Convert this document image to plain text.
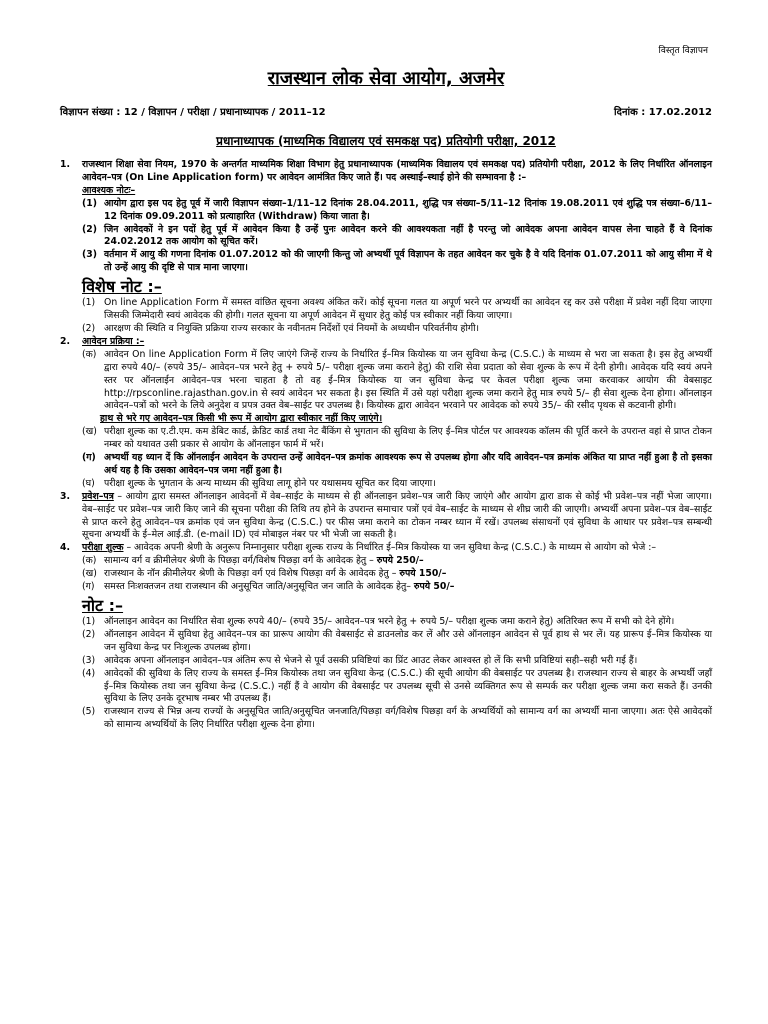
विस्तृत विज्ञापन
राजस्थान लोक सेवा आयोग, अजमेर
विज्ञापन संख्या : 12 / विज्ञापन / परीक्षा / प्रधानाध्यापक / 2011–12	दिनांक : 17.02.2012
प्रधानाध्यापक (माध्यमिक विद्यालय एवं समकक्ष पद) प्रतियोगी परीक्षा, 2012
1.	राजस्थान शिक्षा सेवा नियम, 1970 के अन्तर्गत माध्यमिक शिक्षा विभाग हेतु प्रधानाध्यापक (माध्यमिक विद्यालय एवं समकक्ष पद) प्रतियोगी परीक्षा, 2012 के लिए निर्धारित ऑनलाइन आवेदन–पत्र (On Line Application form) पर आवेदन आमंत्रित किए जाते हैं। पद अस्थाई–स्थाई होने की सम्भावना है :–
आवश्यक नोटः–
(1) आयोग द्वारा इस पद हेतु पूर्व में जारी विज्ञापन संख्या–1/11–12 दिनांक 28.04.2011, शुद्धि पत्र संख्या–5/11–12 दिनांक 19.08.2011 एवं शुद्धि पत्र संख्या–6/11–12 दिनांक 09.09.2011 को प्रत्याहारित (Withdraw) किया जाता है।
(2) जिन आवेदकों ने इन पदों हेतु पूर्व में आवेदन किया है उन्हें पुनः आवेदन करने की आवश्यकता नहीं है परन्तु जो आवेदक अपना आवेदन वापस लेना चाहते हैं वे दिनांक 24.02.2012 तक आयोग को सूचित करें।
(3) वर्तमान में आयु की गणना दिनांक 01.07.2012 को की जाएगी किन्तु जो अभ्यर्थी पूर्व विज्ञापन के तहत आवेदन कर चुके है वे यदि दिनांक 01.07.2011 को आयु सीमा में थे तो उन्हें आयु की दृष्टि से पात्र माना जाएगा।
विशेष नोट :–
(1) On line Application Form में समस्त वांछित सूचना अवश्य अंकित करें। कोई सूचना गलत या अपूर्ण भरने पर अभ्यर्थी का आवेदन रद्द कर उसे परीक्षा में प्रवेश नहीं दिया जाएगा जिसकी जिम्मेदारी स्वयं आवेदक की होगी। गलत सूचना या अपूर्ण आवेदन में सुधार हेतु कोई पत्र स्वीकार नहीं किया जाएगा।
(2) आरक्षण की स्थिति व नियुक्ति प्रक्रिया राज्य सरकार के नवीनतम निर्देशों एवं नियमों के अध्यधीन परिवर्तनीय होगी।
2.	आवेदन प्रक्रिया :–
(क) आवेदन On line Application Form में लिए जाएंगे जिन्हें राज्य के निर्धारित ई–मित्र कियोस्क या जन सुविधा केन्द्र (C.S.C.) के माध्यम से भरा जा सकता है। इस हेतु अभ्यर्थी द्वारा रुपये 40/– (रुपये 35/– आवेदन–पत्र भरने हेतु + रुपये 5/– परीक्षा शुल्क जमा कराने हेतु) की राशि सेवा प्रदाता को सेवा शुल्क के रूप में देनी होगी। आवेदक यदि स्वयं अपने स्तर पर ऑनलाईन आवेदन–पत्र भरना चाहता है तो वह ई–मित्र कियोस्क या जन सुविधा केन्द्र पर केवल परीक्षा शुल्क जमा करवाकर आयोग की वेबसाइट http://rpsconline.rajasthan.gov.in से स्वयं आवेदन भर सकता है। इस स्थिति में उसे यहां परीक्षा शुल्क जमा कराने हेतु मात्र रुपये 5/– ही सेवा शुल्क देना होगा। ऑनलाइन आवेदन–पत्रों को भरने के लिये अनुदेश व प्रपत्र उक्त वेब–साईट पर उपलब्ध है। कियोस्क द्वारा आवेदन भरवाने पर आवेदक को रुपये 35/– की रसीद पृथक से कटवानी होगी।
हाथ से भरे गए आवेदन–पत्र किसी भी रूप में आयोग द्वारा स्वीकार नहीं किए जाएंगे।
(ख) परीक्षा शुल्क का ए.टी.एम. कम डेबिट कार्ड, क्रेडिट कार्ड तथा नेट बैंकिंग से भुगतान की सुविधा के लिए ई–मित्र पोर्टल पर आवश्यक कॉलम की पूर्ति करने के उपरान्त वहां से प्राप्त टोकन नम्बर को यथावत उसी प्रकार से आयोग के ऑनलाइन फार्म में भरें।
(ग) अभ्यर्थी यह ध्यान दें कि ऑनलाईन आवेदन के उपरान्त उन्हें आवेदन–पत्र क्रमांक आवश्यक रूप से उपलब्ध होगा और यदि आवेदन–पत्र क्रमांक अंकित या प्राप्त नहीं हुआ है तो इसका अर्थ यह है कि उसका आवेदन–पत्र जमा नहीं हुआ है।
(घ) परीक्षा शुल्क के भुगतान के अन्य माध्यम की सुविधा लागू होने पर यथासमय सूचित कर दिया जाएगा।
3.	प्रवेश–पत्र – आयोग द्वारा समस्त ऑनलाइन आवेदनों में वेब–साईट के माध्यम से ही ऑनलाइन प्रवेश–पत्र जारी किए जाएंगे और आयोग द्वारा डाक से कोई भी प्रवेश–पत्र नहीं भेजा जाएगा। वेब–साईट पर प्रवेश–पत्र जारी किए जाने की सूचना परीक्षा की तिथि तय होने के उपरान्त समाचार पत्रों एवं वेब–साईट के माध्यम से शीघ्र जारी की जाएगी। अभ्यर्थी अपना प्रवेश–पत्र वेब–साईट से प्राप्त करने हेतु आवेदन–पत्र क्रमांक एवं जन सुविधा केन्द्र (C.S.C.) पर फीस जमा कराने का टोकन नम्बर ध्यान में रखें। उपलब्ध संसाधनों एवं सुविधा के आधार पर प्रवेश–पत्र सम्बन्धी सूचना अभ्यर्थी के ई–मेल आई.डी. (e-mail ID) एवं मोबाइल नंबर पर भी भेजी जा सकती है।
4.	परीक्षा शुल्क – आवेदक अपनी श्रेणी के अनुरूप निम्नानुसार परीक्षा शुल्क राज्य के निर्धारित ई–मित्र कियोस्क या जन सुविधा केन्द्र (C.S.C.) के माध्यम से आयोग को भेजे :–
(क) सामान्य वर्ग व क्रीमीलेयर श्रेणी के पिछड़ा वर्ग/विशेष पिछड़ा वर्ग के आवेदक हेतु – रुपये 250/–
(ख) राजस्थान के नॉन क्रीमीलेयर श्रेणी के पिछड़ा वर्ग एवं विशेष पिछड़ा वर्ग के आवेदक हेतु – रुपये 150/–
(ग)	समस्त निःशक्तजन तथा राजस्थान की अनुसूचित जाति/अनुसूचित जन जाति के आवेदक हेतु– रुपये 50/–
नोट :–
(1) ऑनलाइन आवेदन का निर्धारित सेवा शुल्क रुपये 40/– (रुपये 35/– आवेदन–पत्र भरने हेतु + रुपये 5/– परीक्षा शुल्क जमा कराने हेतु) अतिरिक्त रूप में सभी को देने होंगे।
(2) ऑनलाइन आवेदन में सुविधा हेतु आवेदन–पत्र का प्रारूप आयोग की वेबसाईट से डाउनलोड कर लें और उसे ऑनलाइन आवेदन से पूर्व हाथ से भर लें। यह प्रारूप ई–मित्र कियोस्क या जन सुविधा केन्द्र पर निःशुल्क उपलब्ध होगा।
(3) आवेदक अपना ऑनलाइन आवेदन–पत्र अंतिम रूप से भेजने से पूर्व उसकी प्रविष्टियां का प्रिंट आउट लेकर आश्वस्त हो लें कि सभी प्रविष्टियां सही–सही भरी गई हैं।
(4) आवेदकों की सुविधा के लिए राज्य के समस्त ई–मित्र कियोस्क तथा जन सुविधा केन्द्र (C.S.C.) की सूची आयोग की वेबसाईट पर उपलब्ध है। राजस्थान राज्य से बाहर के अभ्यर्थी जहाँ ई–मित्र कियोस्क तथा जन सुविधा केन्द्र (C.S.C.) नहीं हैं वे आयोग की वेबसाईट पर उपलब्ध सूची से उनसे व्यक्तिगत रूप से सम्पर्क कर परीक्षा शुल्क जमा करा सकते हैं। उनकी सुविधा के लिए उनके दूरभाष नम्बर भी उपलब्ध हैं।
(5) राजस्थान राज्य से भिन्न अन्य राज्यों के अनुसूचित जाति/अनुसूचित जनजाति/पिछड़ा वर्ग/विशेष पिछड़ा वर्ग के अभ्यर्थियों को सामान्य वर्ग का अभ्यर्थी माना जाएगा। अतः ऐसे आवेदकों को सामान्य अभ्यर्थियों के लिए निर्धारित परीक्षा शुल्क देना होगा।
